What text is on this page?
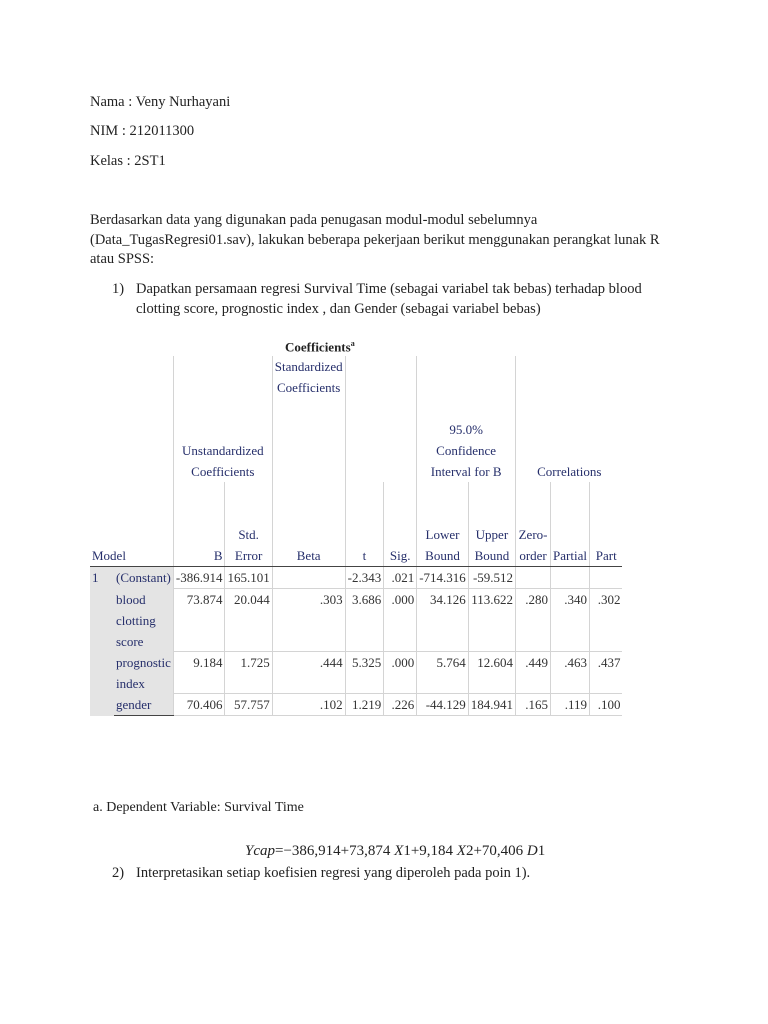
Nama : Veny Nurhayani
NIM : 212011300
Kelas : 2ST1
Berdasarkan data yang digunakan pada penugasan modul-modul sebelumnya (Data_TugasRegresi01.sav), lakukan beberapa pekerjaan berikut menggunakan perangkat lunak R atau SPSS:
1) Dapatkan persamaan regresi Survival Time (sebagai variabel tak bebas) terhadap blood clotting score, prognostic index , dan Gender (sebagai variabel bebas)
Coefficients$^a$
		Unstandardized Coefficients		Standardized Coefficients			95.0% Confidence Interval for B		Correlations		
Model		B	Std. Error	Beta	t	Sig.	Lower Bound	Upper Bound	Zero-order	Partial	Part
1	(Constant)	-386.914	165.101		-2.343	.021	-714.316	-59.512			
	blood clotting score	73.874	20.044	.303	3.686	.000	34.126	113.622	.280	.340	.302
	prognostic index	9.184	1.725	.444	5.325	.000	5.764	12.604	.449	.463	.437
	gender	70.406	57.757	.102	1.219	.226	-44.129	184.941	.165	.119	.100
a. Dependent Variable: Survival Time
Ycap=−386,914+73,874 X1+9,184 X2+70,406 D1
2) Interpretasikan setiap koefisien regresi yang diperoleh pada poin 1).
